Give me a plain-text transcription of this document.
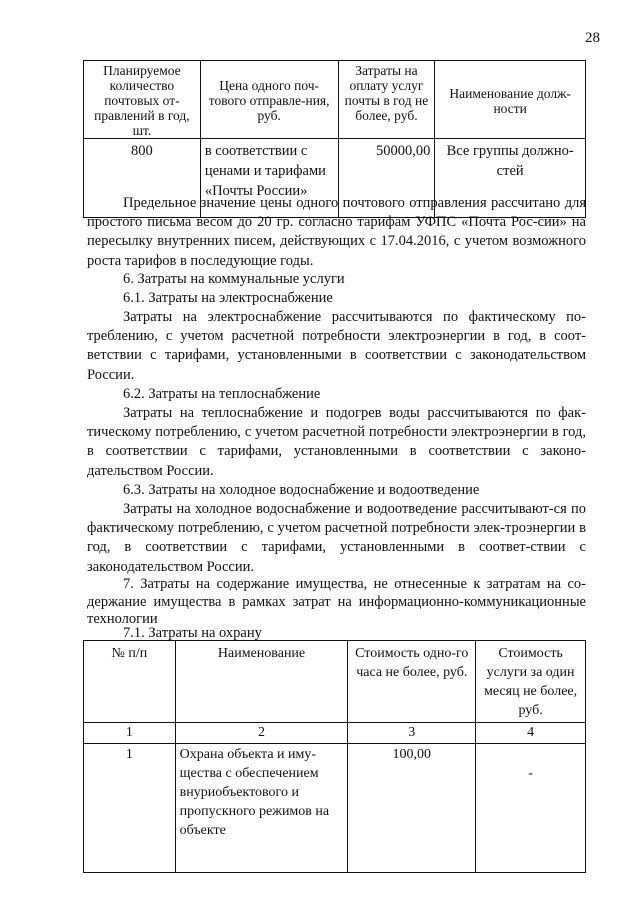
28
Планируемое количество почтовых от-правлений в год, шт.	Цена одного поч-тового отправле-ния, руб.	Затраты на оплату услуг почты в год не более, руб.	Наименование долж-ности
800	в соответствии с ценами и тарифами «Почты России»	50000,00	Все группы должно-стей

Предельное значение цены одного почтового отправления рассчитано для простого письма весом до 20 гр. согласно тарифам УФПС «Почта Рос-сии» на пересылку внутренних писем, действующих с 17.04.2016, с учетом возможного роста тарифов в последующие годы.

6. Затраты на коммунальные услуги

6.1. Затраты на электроснабжение

Затраты на электроснабжение рассчитываются по фактическому по-треблению, с учетом расчетной потребности электроэнергии в год, в соот-ветствии с тарифами, установленными в соответствии с законодательством России.

6.2. Затраты на теплоснабжение

Затраты на теплоснабжение и подогрев воды рассчитываются по фак-тическому потреблению, с учетом расчетной потребности электроэнергии в год, в соответствии с тарифами, установленными в соответствии с законо-дательством России.

6.3. Затраты на холодное водоснабжение и водоотведение

Затраты на холодное водоснабжение и водоотведение рассчитывают-ся по фактическому потреблению, с учетом расчетной потребности элек-троэнергии в год, в соответствии с тарифами, установленными в соответ-ствии с законодательством России.

7. Затраты на содержание имущества, не отнесенные к затратам на со-держание имущества в рамках затрат на информационно-коммуникационные технологии

7.1. Затраты на охрану

№ п/п	Наименование	Стоимость одно-го часа не более, руб.	Стоимость услуги за один месяц не более, руб.
1	2	3	4
1	Охрана объекта и иму-щества с обеспечением внуриобъектового и пропускного режимов на объекте	100,00	-
